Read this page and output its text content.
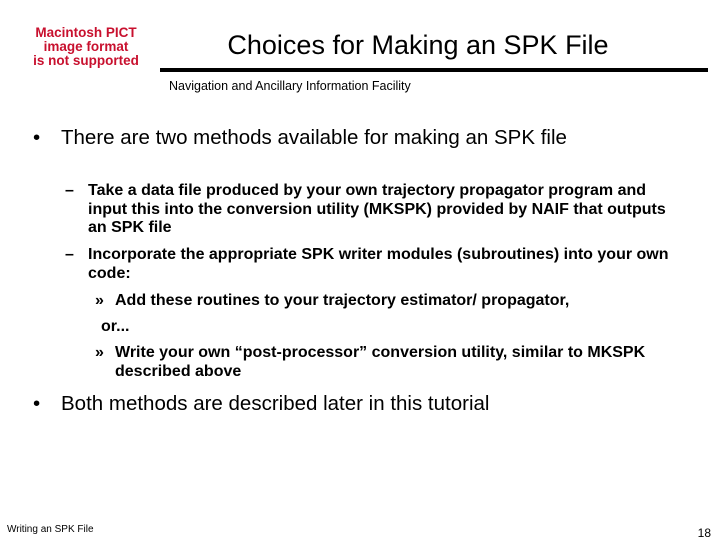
Macintosh PICT
image format
is not supported
Choices for Making an SPK File
Navigation and Ancillary Information Facility
• There are two methods available for making an SPK file
– Take a data file produced by your own trajectory propagator program and input this into the conversion utility (MKSPK) provided by NAIF that outputs an SPK file
– Incorporate the appropriate SPK writer modules (subroutines) into your own code:
» Add these routines to your trajectory estimator/ propagator,
or...
» Write your own “post-processor” conversion utility, similar to MKSPK described above
• Both methods are described later in this tutorial
Writing an SPK File	18
